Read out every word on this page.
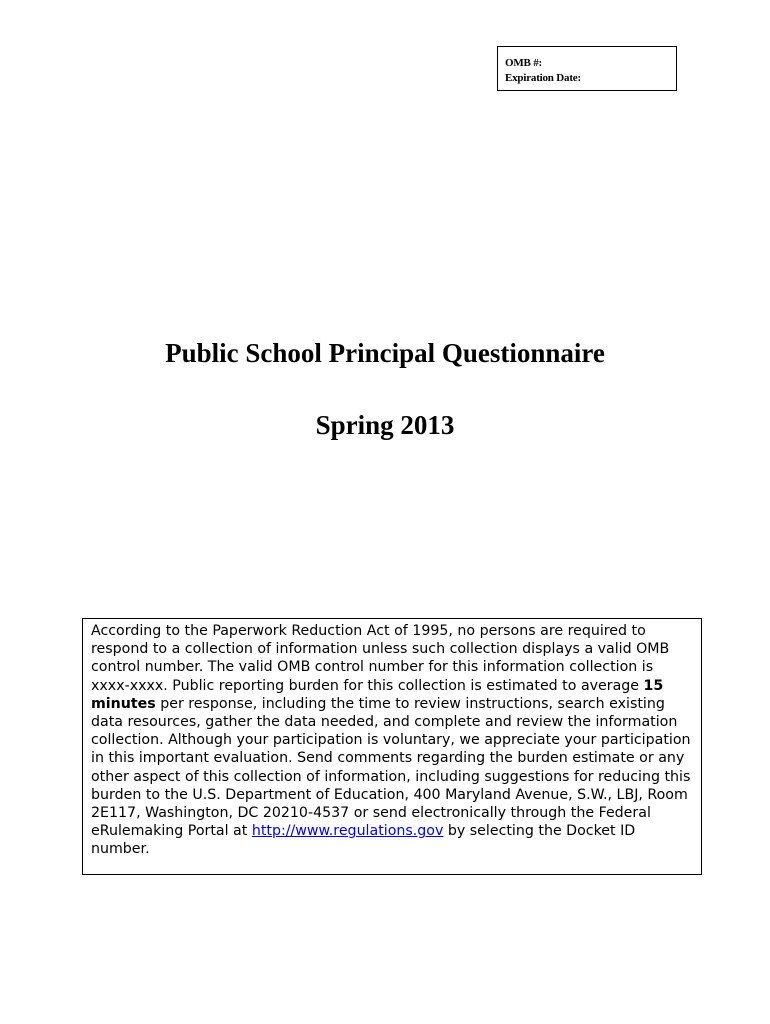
OMB #:
Expiration Date:
Public School Principal Questionnaire
Spring 2013

According to the Paperwork Reduction Act of 1995, no persons are required to respond to a collection of information unless such collection displays a valid OMB control number. The valid OMB control number for this information collection is xxxx-xxxx. Public reporting burden for this collection is estimated to average 15 minutes per response, including the time to review instructions, search existing data resources, gather the data needed, and complete and review the information collection. Although your participation is voluntary, we appreciate your participation in this important evaluation. Send comments regarding the burden estimate or any other aspect of this collection of information, including suggestions for reducing this burden to the U.S. Department of Education, 400 Maryland Avenue, S.W., LBJ, Room 2E117, Washington, DC 20210-4537 or send electronically through the Federal eRulemaking Portal at http://www.regulations.gov by selecting the Docket ID number.
